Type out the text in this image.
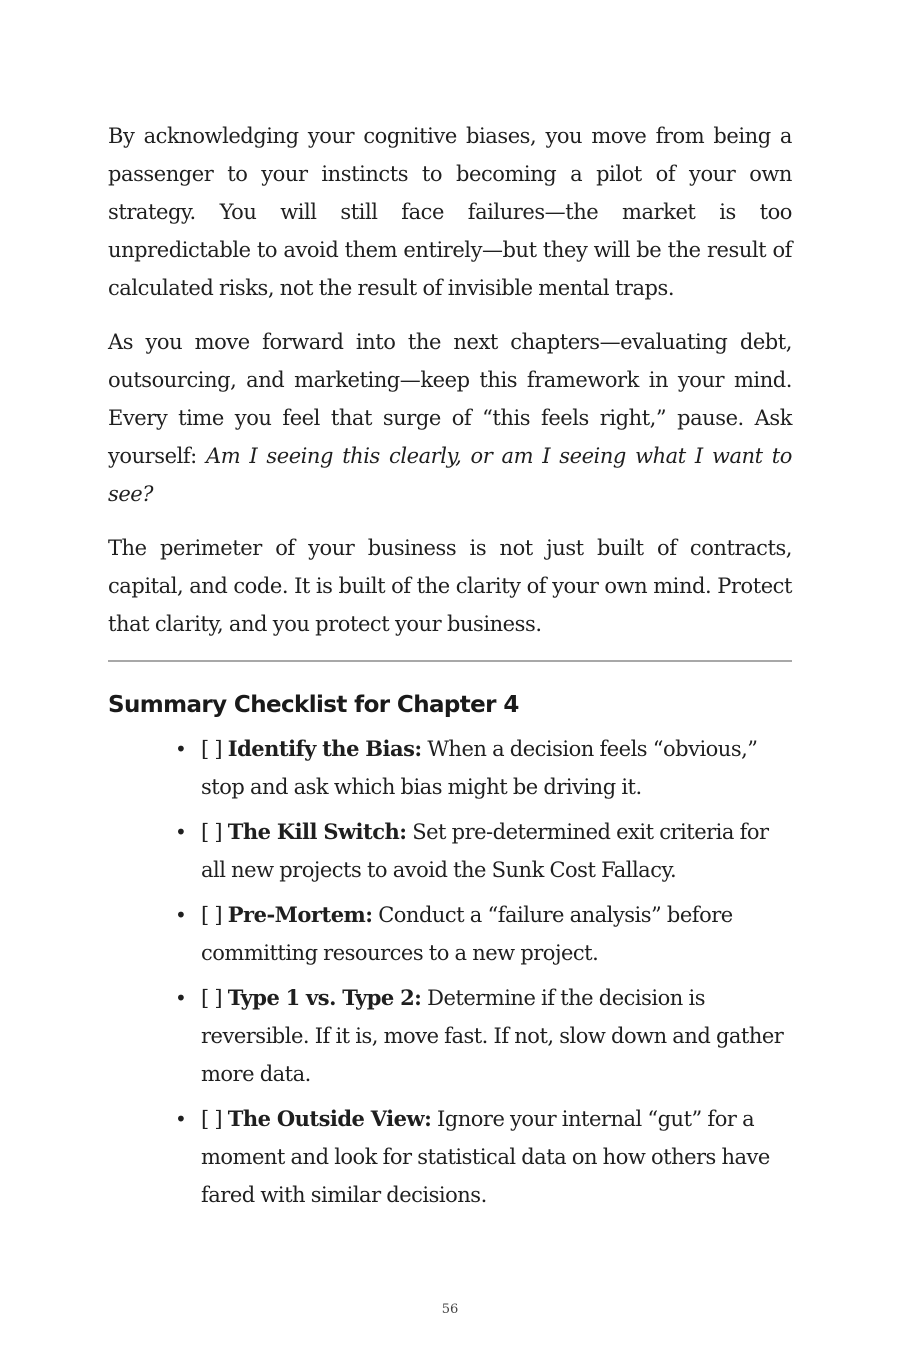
By acknowledging your cognitive biases, you move from being a passenger to your instincts to becoming a pilot of your own strategy. You will still face failures—the market is too unpredictable to avoid them entirely—but they will be the result of calculated risks, not the result of invisible mental traps.

As you move forward into the next chapters—evaluating debt, outsourcing, and marketing—keep this framework in your mind. Every time you feel that surge of “this feels right,” pause. Ask yourself: Am I seeing this clearly, or am I seeing what I want to see?

The perimeter of your business is not just built of contracts, capital, and code. It is built of the clarity of your own mind. Protect that clarity, and you protect your business.

Summary Checklist for Chapter 4
• [ ] Identify the Bias: When a decision feels “obvious,” stop and ask which bias might be driving it.
• [ ] The Kill Switch: Set pre-determined exit criteria for all new projects to avoid the Sunk Cost Fallacy.
• [ ] Pre-Mortem: Conduct a “failure analysis” before committing resources to a new project.
• [ ] Type 1 vs. Type 2: Determine if the decision is reversible. If it is, move fast. If not, slow down and gather more data.
• [ ] The Outside View: Ignore your internal “gut” for a moment and look for statistical data on how others have fared with similar decisions.
56
